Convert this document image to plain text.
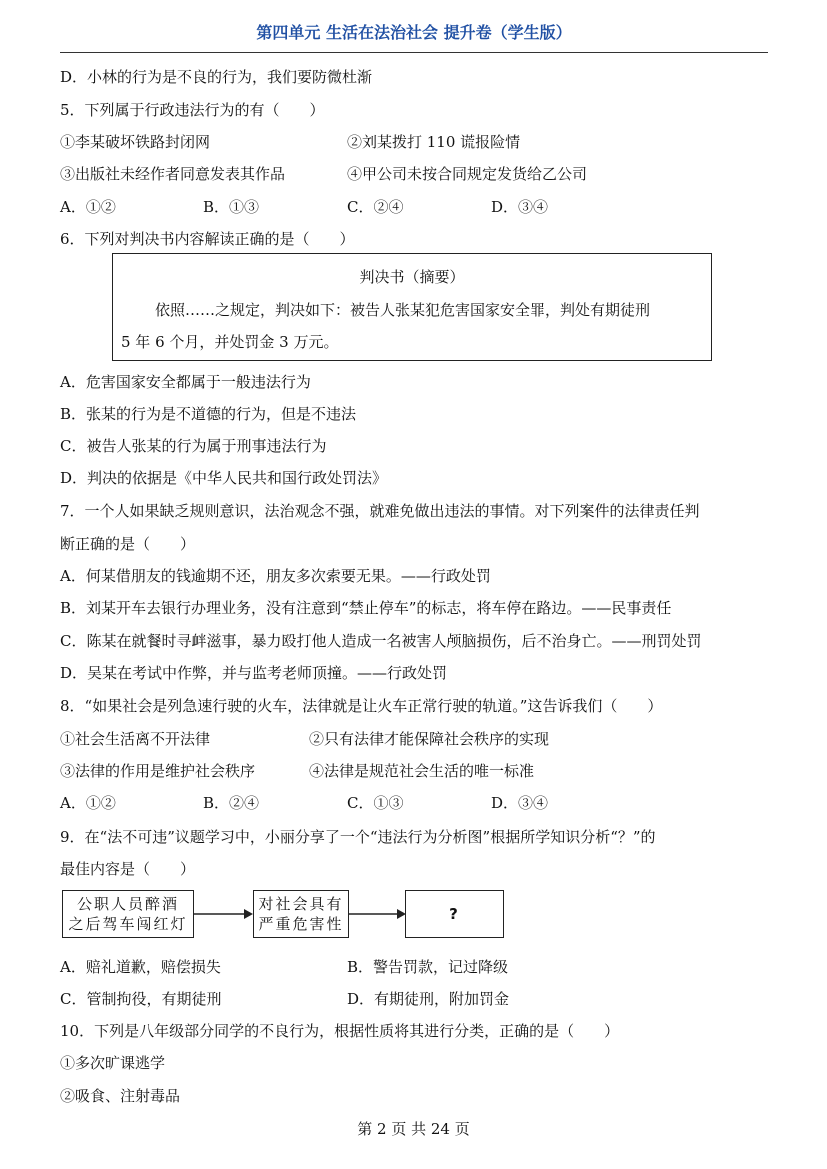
第四单元 生活在法治社会 提升卷（学生版）
D．小林的行为是不良的行为，我们要防微杜渐
5．下列属于行政违法行为的有（　　）
①李某破坏铁路封闭网	②刘某拨打 110 谎报险情
③出版社未经作者同意发表其作品	④甲公司未按合同规定发货给乙公司
A．①②	B．①③	C．②④	D．③④
6．下列对判决书内容解读正确的是（　　）
判决书（摘要）
依照……之规定，判决如下：被告人张某犯危害国家安全罪，判处有期徒刑
5 年 6 个月，并处罚金 3 万元。
A．危害国家安全都属于一般违法行为
B．张某的行为是不道德的行为，但是不违法
C．被告人张某的行为属于刑事违法行为
D．判决的依据是《中华人民共和国行政处罚法》
7．一个人如果缺乏规则意识，法治观念不强，就难免做出违法的事情。对下列案件的法律责任判
断正确的是（　　）
A．何某借朋友的钱逾期不还，朋友多次索要无果。——行政处罚
B．刘某开车去银行办理业务，没有注意到“禁止停车”的标志，将车停在路边。——民事责任
C．陈某在就餐时寻衅滋事，暴力殴打他人造成一名被害人颅脑损伤，后不治身亡。——刑罚处罚
D．吴某在考试中作弊，并与监考老师顶撞。——行政处罚
8．“如果社会是列急速行驶的火车，法律就是让火车正常行驶的轨道。”这告诉我们（　　）
①社会生活离不开法律	②只有法律才能保障社会秩序的实现
③法律的作用是维护社会秩序	④法律是规范社会生活的唯一标准
A．①②	B．②④	C．①③	D．③④
9．在“法不可违”议题学习中，小丽分享了一个“违法行为分析图”根据所学知识分析“？”的
最佳内容是（　　）
公职人员醉酒
之后驾车闯红灯
对社会具有
严重危害性
?
A．赔礼道歉，赔偿损失	B．警告罚款，记过降级
C．管制拘役，有期徒刑	D．有期徒刑，附加罚金
10．下列是八年级部分同学的不良行为，根据性质将其进行分类，正确的是（　　）
①多次旷课逃学
②吸食、注射毒品
第 2 页 共 24 页
